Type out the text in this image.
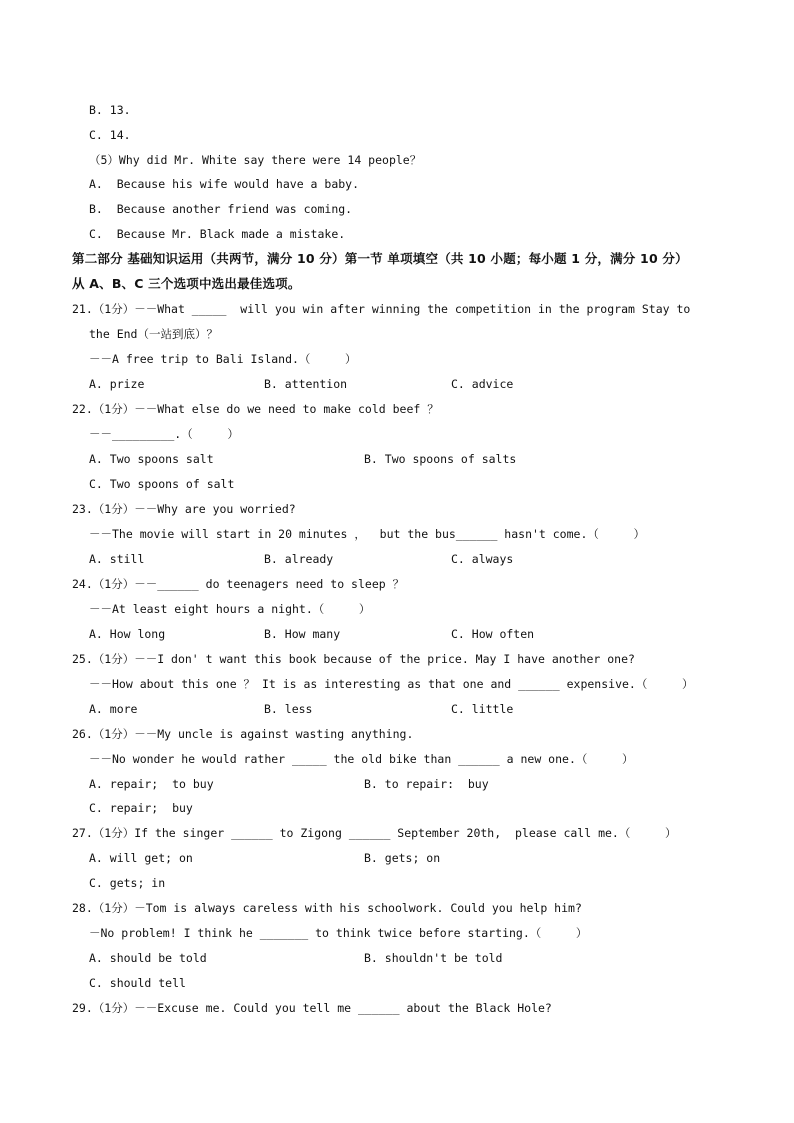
B. 13.
C. 14.
（5）Why did Mr. White say there were 14 people？
A.  Because his wife would have a baby.
B.  Because another friend was coming.
C.  Because Mr. Black made a mistake.
第二部分 基础知识运用（共两节，满分 10 分）第一节 单项填空（共 10 小题；每小题 1 分，满分 10 分）
从 A、B、C 三个选项中选出最佳选项。
21.（1分）－－What _____  will you win after winning the competition in the program Stay to
the End（一站到底）？
－－A free trip to Bali Island.（     ）
A. prize	B. attention	C. advice
22.（1分）－－What else do we need to make cold beef ？
－－_________.（     ）
A. Two spoons salt	B. Two spoons of salts
C. Two spoons of salt
23.（1分）－－Why are you worried?
－－The movie will start in 20 minutes ，  but the bus______ hasn't come.（     ）
A. still	B. already	C. always
24.（1分）－－______ do teenagers need to sleep ？
－－At least eight hours a night.（     ）
A. How long	B. How many	C. How often
25.（1分）－－I don' t want this book because of the price. May I have another one?
－－How about this one ？ It is as interesting as that one and ______ expensive.（     ）
A. more	B. less	C. little
26.（1分）－－My uncle is against wasting anything.
－－No wonder he would rather _____ the old bike than ______ a new one.（     ）
A. repair;  to buy	B. to repair:  buy
C. repair;  buy
27.（1分）If the singer ______ to Zigong ______ September 20th,  please call me.（     ）
A. will get; on	B. gets; on
C. gets; in
28.（1分）－Tom is always careless with his schoolwork. Could you help him?
－No problem! I think he _______ to think twice before starting.（     ）
A. should be told	B. shouldn't be told
C. should tell
29.（1分）－－Excuse me. Could you tell me ______ about the Black Hole?
